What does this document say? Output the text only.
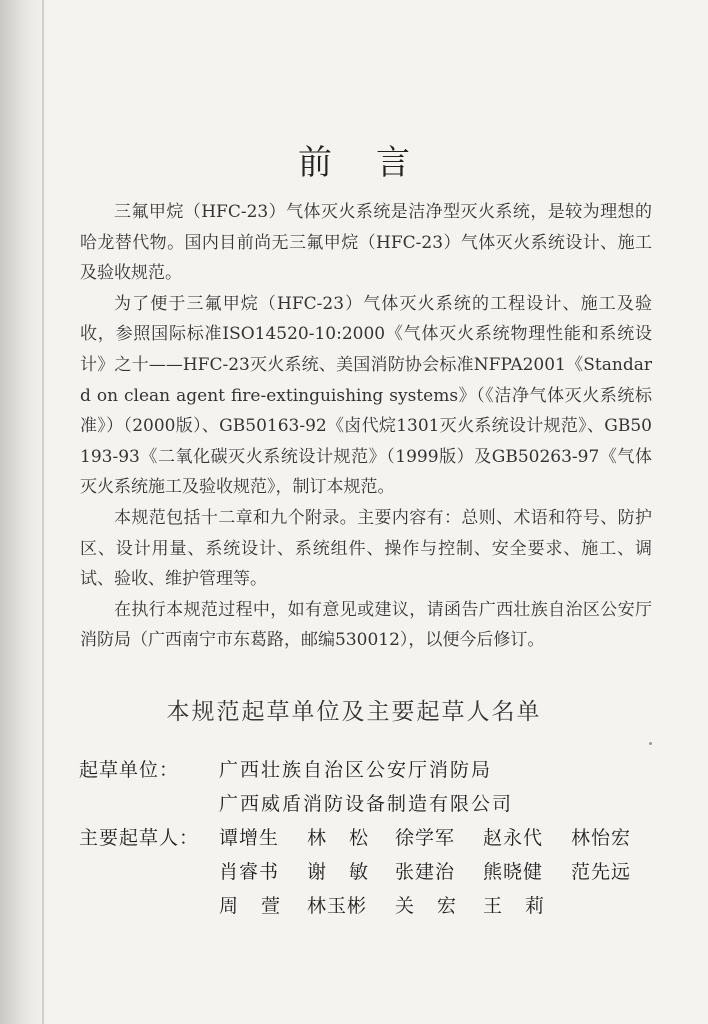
前言

三氟甲烷（HFC-23）气体灭火系统是洁净型灭火系统，是较为理想的哈龙替代物。国内目前尚无三氟甲烷（HFC-23）气体灭火系统设计、施工及验收规范。

为了便于三氟甲烷（HFC-23）气体灭火系统的工程设计、施工及验收，参照国际标准ISO14520-10:2000《气体灭火系统物理性能和系统设计》之十——HFC-23灭火系统、美国消防协会标准NFPA2001《Standard on clean agent fire-extinguishing systems》（《洁净气体灭火系统标准》）（2000版）、GB50163-92《卤代烷1301灭火系统设计规范》、GB50193-93《二氧化碳灭火系统设计规范》（1999版）及GB50263-97《气体灭火系统施工及验收规范》，制订本规范。

本规范包括十二章和九个附录。主要内容有：总则、术语和符号、防护区、设计用量、系统设计、系统组件、操作与控制、安全要求、施工、调试、验收、维护管理等。

在执行本规范过程中，如有意见或建议，请函告广西壮族自治区公安厅消防局（广西南宁市东葛路，邮编530012），以便今后修订。

本规范起草单位及主要起草人名单
起草单位：	广西壮族自治区公安厅消防局
广西威盾消防设备制造有限公司
主要起草人：	谭增生	林松 徐学军	赵永代	林怡宏
肖睿书	谢敏 张建治	熊晓健	范先远
周萱 林玉彬	关宏 王莉
